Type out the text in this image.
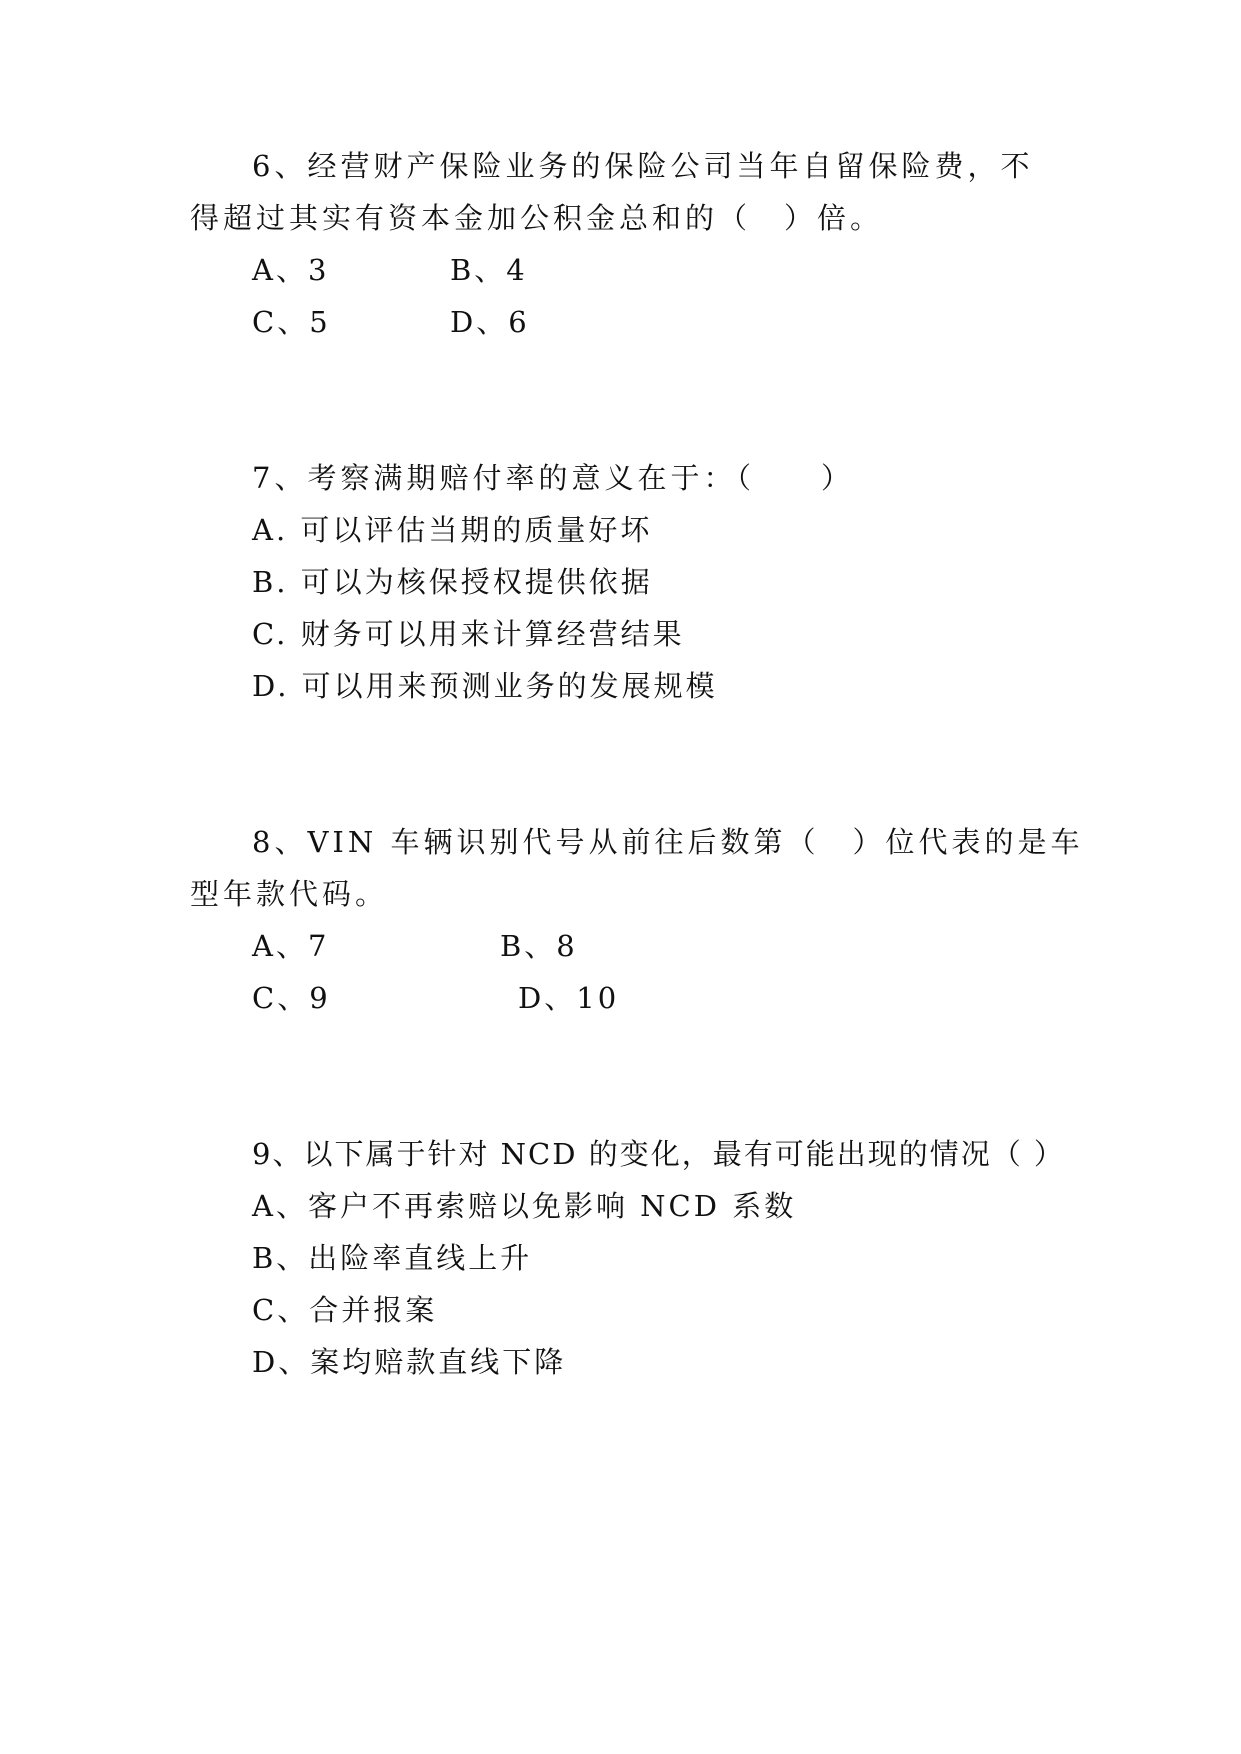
6、经营财产保险业务的保险公司当年自留保险费，不
得超过其实有资本金加公积金总和的（　）倍。
A、3	B、4
C、5	D、6
7、考察满期赔付率的意义在于：（　　）
A. 可以评估当期的质量好坏
B. 可以为核保授权提供依据
C. 财务可以用来计算经营结果
D. 可以用来预测业务的发展规模
8、VIN 车辆识别代号从前往后数第（　）位代表的是车
型年款代码。
A、7	B、8
C、9	D、10
9、以下属于针对 NCD 的变化，最有可能出现的情况（ ）
A、客户不再索赔以免影响 NCD 系数
B、出险率直线上升
C、合并报案
D、案均赔款直线下降
